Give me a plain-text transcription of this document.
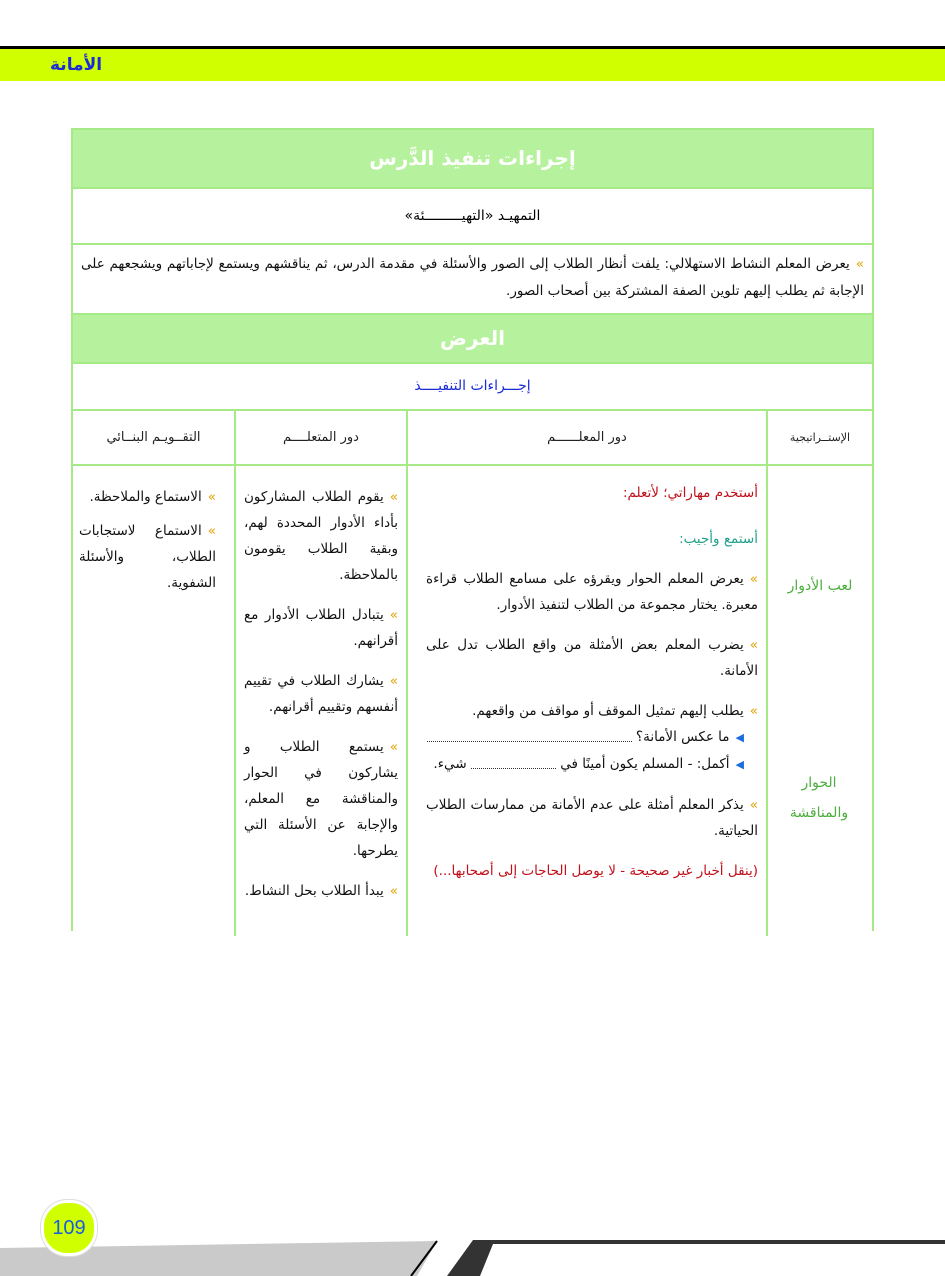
الأمانة
إجراءات تنفيذ الدَّرس
التمهيـد «التهيـــــــــئة»
»يعرض المعلم النشاط الاستهلالي: يلفت أنظار الطلاب إلى الصور والأسئلة في مقدمة الدرس، ثم يناقشهم ويستمع لإجاباتهم ويشجعهم على الإجابة ثم يطلب إليهم تلوين الصفة المشتركة بين أصحاب الصور.
العرض
إجـــراءات التنفيــــذ
الإستــراتيجية
دور المعلــــــم
دور المتعلــــم
التقــويـم البنــائي
لعب الأدوار
الحوار والمناقشة

أستخدم مهاراتي؛ لأتعلم:

أستمع وأجيب:

»يعرض المعلم الحوار ويقرؤه على مسامع الطلاب قراءة معبرة. يختار مجموعة من الطلاب لتنفيذ الأدوار.

»يضرب المعلم بعض الأمثلة من واقع الطلاب تدل على الأمانة.

»يطلب إليهم تمثيل الموقف أو مواقف من واقعهم.
◀ما عكس الأمانة؟

◀أكمل: - المسلم يكون أمينًا في  شيء.

»يذكر المعلم أمثلة على عدم الأمانة من ممارسات الطلاب الحياتية.

(ينقل أخبار غير صحيحة - لا يوصل الحاجات إلى أصحابها...)

»يقوم الطلاب المشاركون بأداء الأدوار المحددة لهم، وبقية الطلاب يقومون بالملاحظة.

»يتبادل الطلاب الأدوار مع أقرانهم.

»يشارك الطلاب في تقييم أنفسهم وتقييم أقرانهم.

»يستمع الطلاب و يشاركون في الحوار والمناقشة مع المعلم، والإجابة عن الأسئلة التي يطرحها.

»يبدأ الطلاب بحل النشاط.

»الاستماع والملاحظة.
»الاستماع لاستجابات الطلاب، والأسئلة الشفوية.
109
